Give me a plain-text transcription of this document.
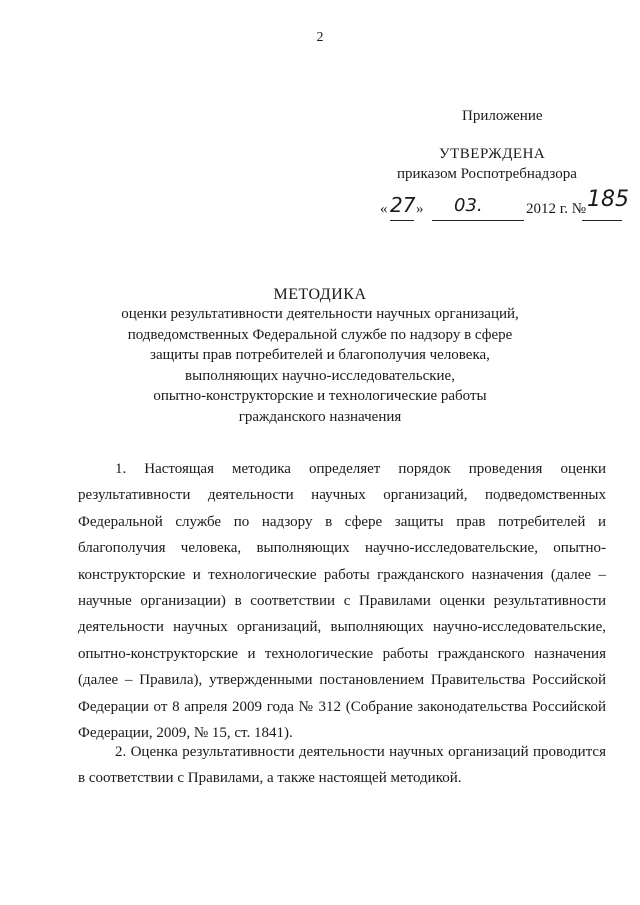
2
Приложение
УТВЕРЖДЕНА
приказом Роспотребнадзора
« 27 » 03.	2012 г. № 185
МЕТОДИКА
оценки результативности деятельности научных организаций,
подведомственных Федеральной службе по надзору в сфере
защиты прав потребителей и благополучия человека,
выполняющих научно-исследовательские,
опытно-конструкторские и технологические работы
гражданского назначения
1. Настоящая методика определяет порядок проведения оценки результативности деятельности научных организаций, подведомственных Федеральной службе по надзору в сфере защиты прав потребителей и благополучия человека, выполняющих научно-исследовательские, опытно-конструкторские и технологические работы гражданского назначения (далее – научные организации) в соответствии с Правилами оценки результативности деятельности научных организаций, выполняющих научно-исследовательские, опытно-конструкторские и технологические работы гражданского назначения (далее – Правила), утвержденными постановлением Правительства Российской Федерации от 8 апреля 2009 года № 312 (Собрание законодательства Российской Федерации, 2009, № 15, ст. 1841).
2. Оценка результативности деятельности научных организаций проводится в соответствии с Правилами, а также настоящей методикой.
